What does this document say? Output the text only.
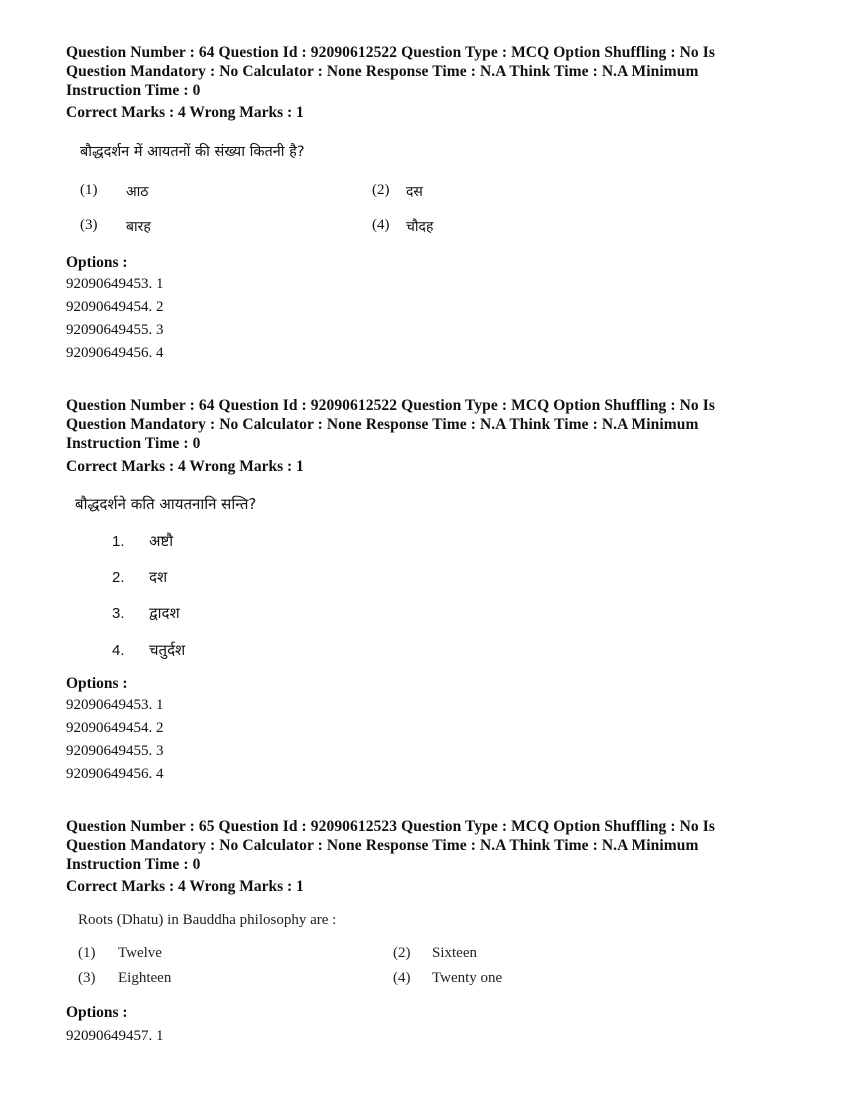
Question Number : 64 Question Id : 92090612522 Question Type : MCQ Option Shuffling : No Is
Question Mandatory : No Calculator : None Response Time : N.A Think Time : N.A Minimum
Instruction Time : 0
Correct Marks : 4 Wrong Marks : 1
बौद्धदर्शन में आयतनों की संख्या कितनी है?
(1) आठ	(2) दस
(3) बारह	(4) चौदह
Options :
92090649453. 1
92090649454. 2
92090649455. 3
92090649456. 4
Question Number : 64 Question Id : 92090612522 Question Type : MCQ Option Shuffling : No Is
Question Mandatory : No Calculator : None Response Time : N.A Think Time : N.A Minimum
Instruction Time : 0
Correct Marks : 4 Wrong Marks : 1
बौद्धदर्शने कति आयतनानि सन्ति?
1. अष्टौ
2. दश
3. द्वादश
4. चतुर्दश
Options :
92090649453. 1
92090649454. 2
92090649455. 3
92090649456. 4
Question Number : 65 Question Id : 92090612523 Question Type : MCQ Option Shuffling : No Is
Question Mandatory : No Calculator : None Response Time : N.A Think Time : N.A Minimum
Instruction Time : 0
Correct Marks : 4 Wrong Marks : 1
Roots (Dhatu) in Bauddha philosophy are :
(1) Twelve	(2) Sixteen
(3) Eighteen	(4) Twenty one
Options :
92090649457. 1
